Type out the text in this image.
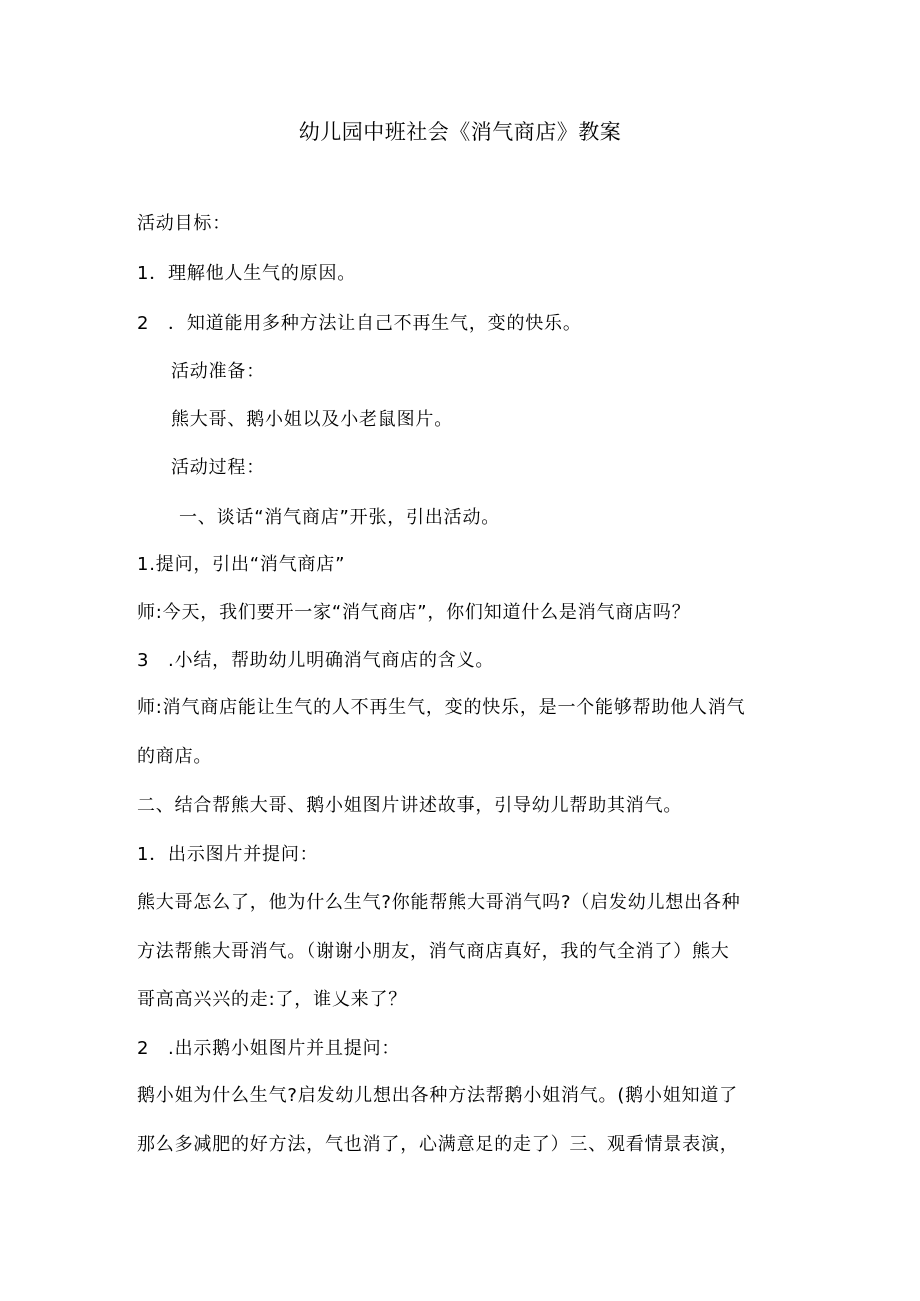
幼儿园中班社会《消气商店》教案
活动目标：
1．理解他人生气的原因。
2　．知道能用多种方法让自己不再生气，变的快乐。
活动准备：
熊大哥、鹅小姐以及小老鼠图片。
活动过程：
一、谈话“消气商店”开张，引出活动。
1.提问，引出“消气商店”
师:今天，我们要开一家“消气商店”，你们知道什么是消气商店吗？
3　.小结，帮助幼儿明确消气商店的含义。
师:消气商店能让生气的人不再生气，变的快乐，是一个能够帮助他人消气
的商店。
二、结合帮熊大哥、鹅小姐图片讲述故事，引导幼儿帮助其消气。
1．出示图片并提问：
熊大哥怎么了，他为什么生气?你能帮熊大哥消气吗?（启发幼儿想出各种
方法帮熊大哥消气。（谢谢小朋友，消气商店真好，我的气全消了）熊大
哥高高兴兴的走:了，谁乂来了？
2　.出示鹅小姐图片并且提问：
鹅小姐为什么生气?启发幼儿想出各种方法帮鹅小姐消气。(鹅小姐知道了
那么多减肥的好方法，气也消了，心满意足的走了）三、观看情景表演，
